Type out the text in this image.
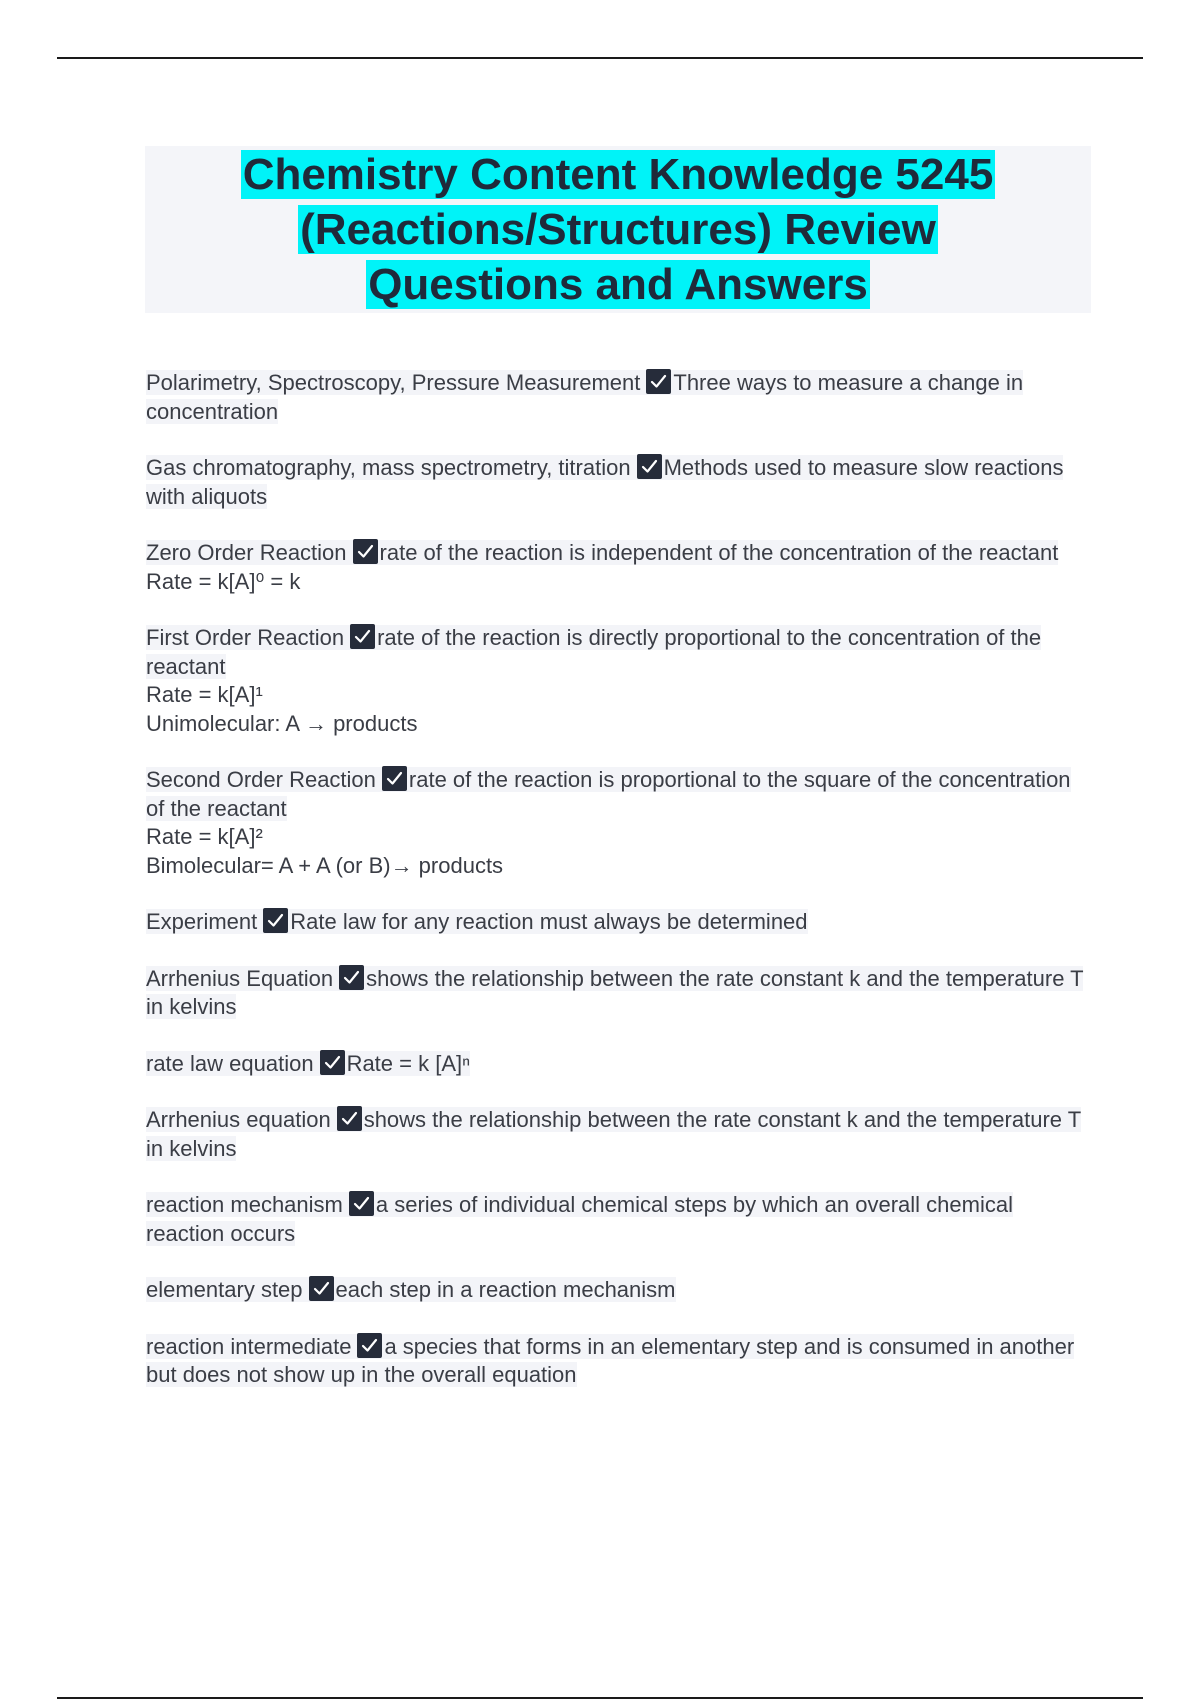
Chemistry Content Knowledge 5245
(Reactions/Structures) Review
Questions and Answers
Polarimetry, Spectroscopy, Pressure Measurement Three ways to measure a change in concentration
Gas chromatography, mass spectrometry, titration Methods used to measure slow reactions with aliquots
Zero Order Reaction rate of the reaction is independent of the concentration of the reactant
Rate = k[A]⁰ = k
First Order Reaction rate of the reaction is directly proportional to the concentration of the reactant
Rate = k[A]¹
Unimolecular: A → products
Second Order Reaction rate of the reaction is proportional to the square of the concentration of the reactant
Rate = k[A]²
Bimolecular= A + A (or B)→ products
Experiment Rate law for any reaction must always be determined
Arrhenius Equation shows the relationship between the rate constant k and the temperature T in kelvins
rate law equation Rate = k [A]ⁿ
Arrhenius equation shows the relationship between the rate constant k and the temperature T in kelvins
reaction mechanism a series of individual chemical steps by which an overall chemical reaction occurs
elementary step each step in a reaction mechanism
reaction intermediate a species that forms in an elementary step and is consumed in another but does not show up in the overall equation
